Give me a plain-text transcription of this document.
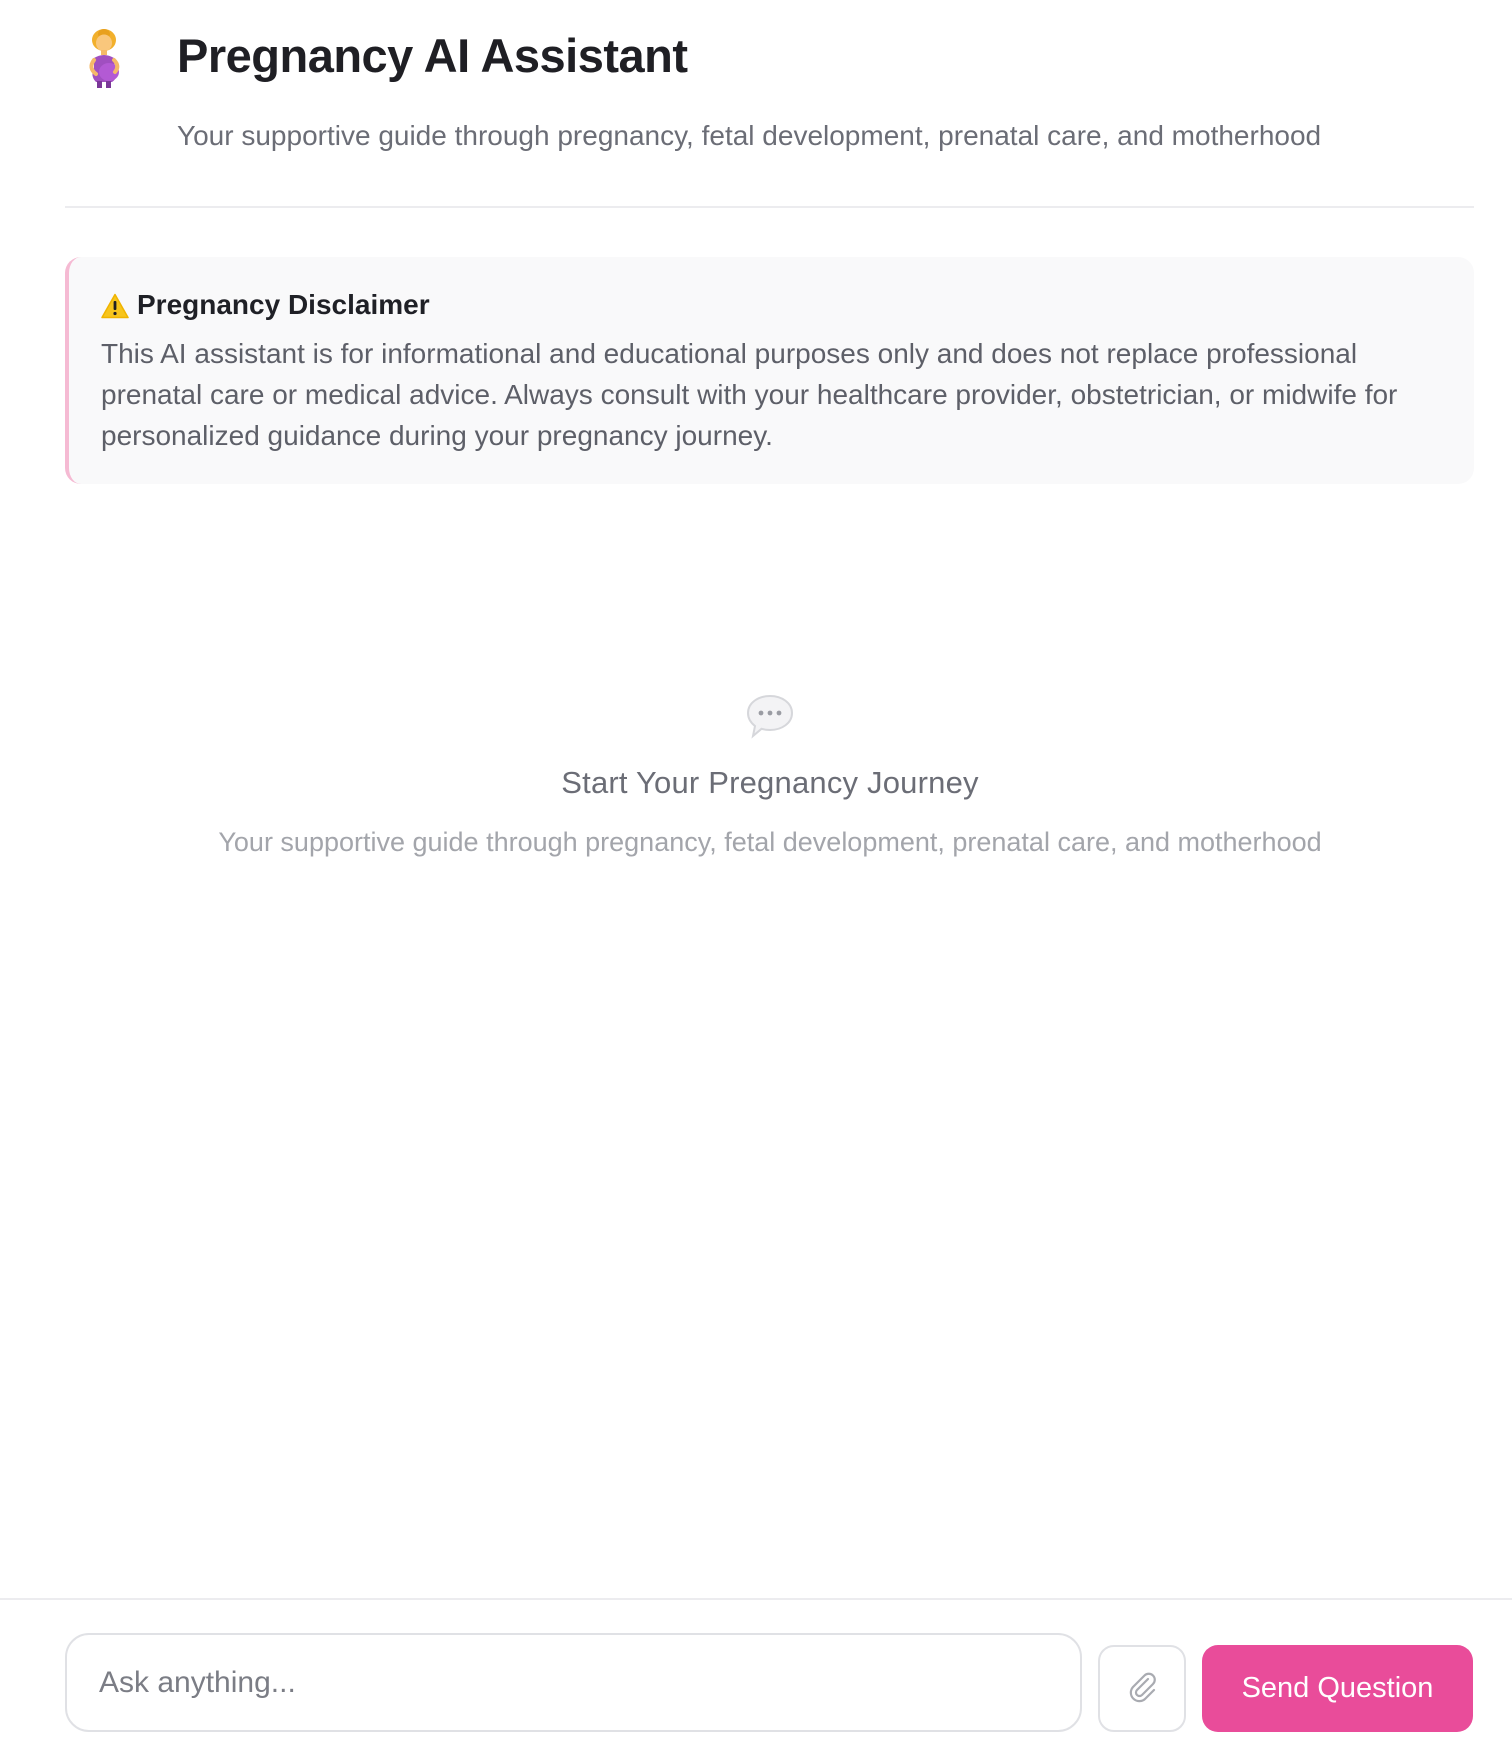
Pregnancy AI Assistant

Your supportive guide through pregnancy, fetal development, prenatal care, and motherhood

Pregnancy Disclaimer

This AI assistant is for informational and educational purposes only and does not replace professional prenatal care or medical advice. Always consult with your healthcare provider, obstetrician, or midwife for personalized guidance during your pregnancy journey.

Start Your Pregnancy Journey

Your supportive guide through pregnancy, fetal development, prenatal care, and motherhood

Ask anything...
Send Question
